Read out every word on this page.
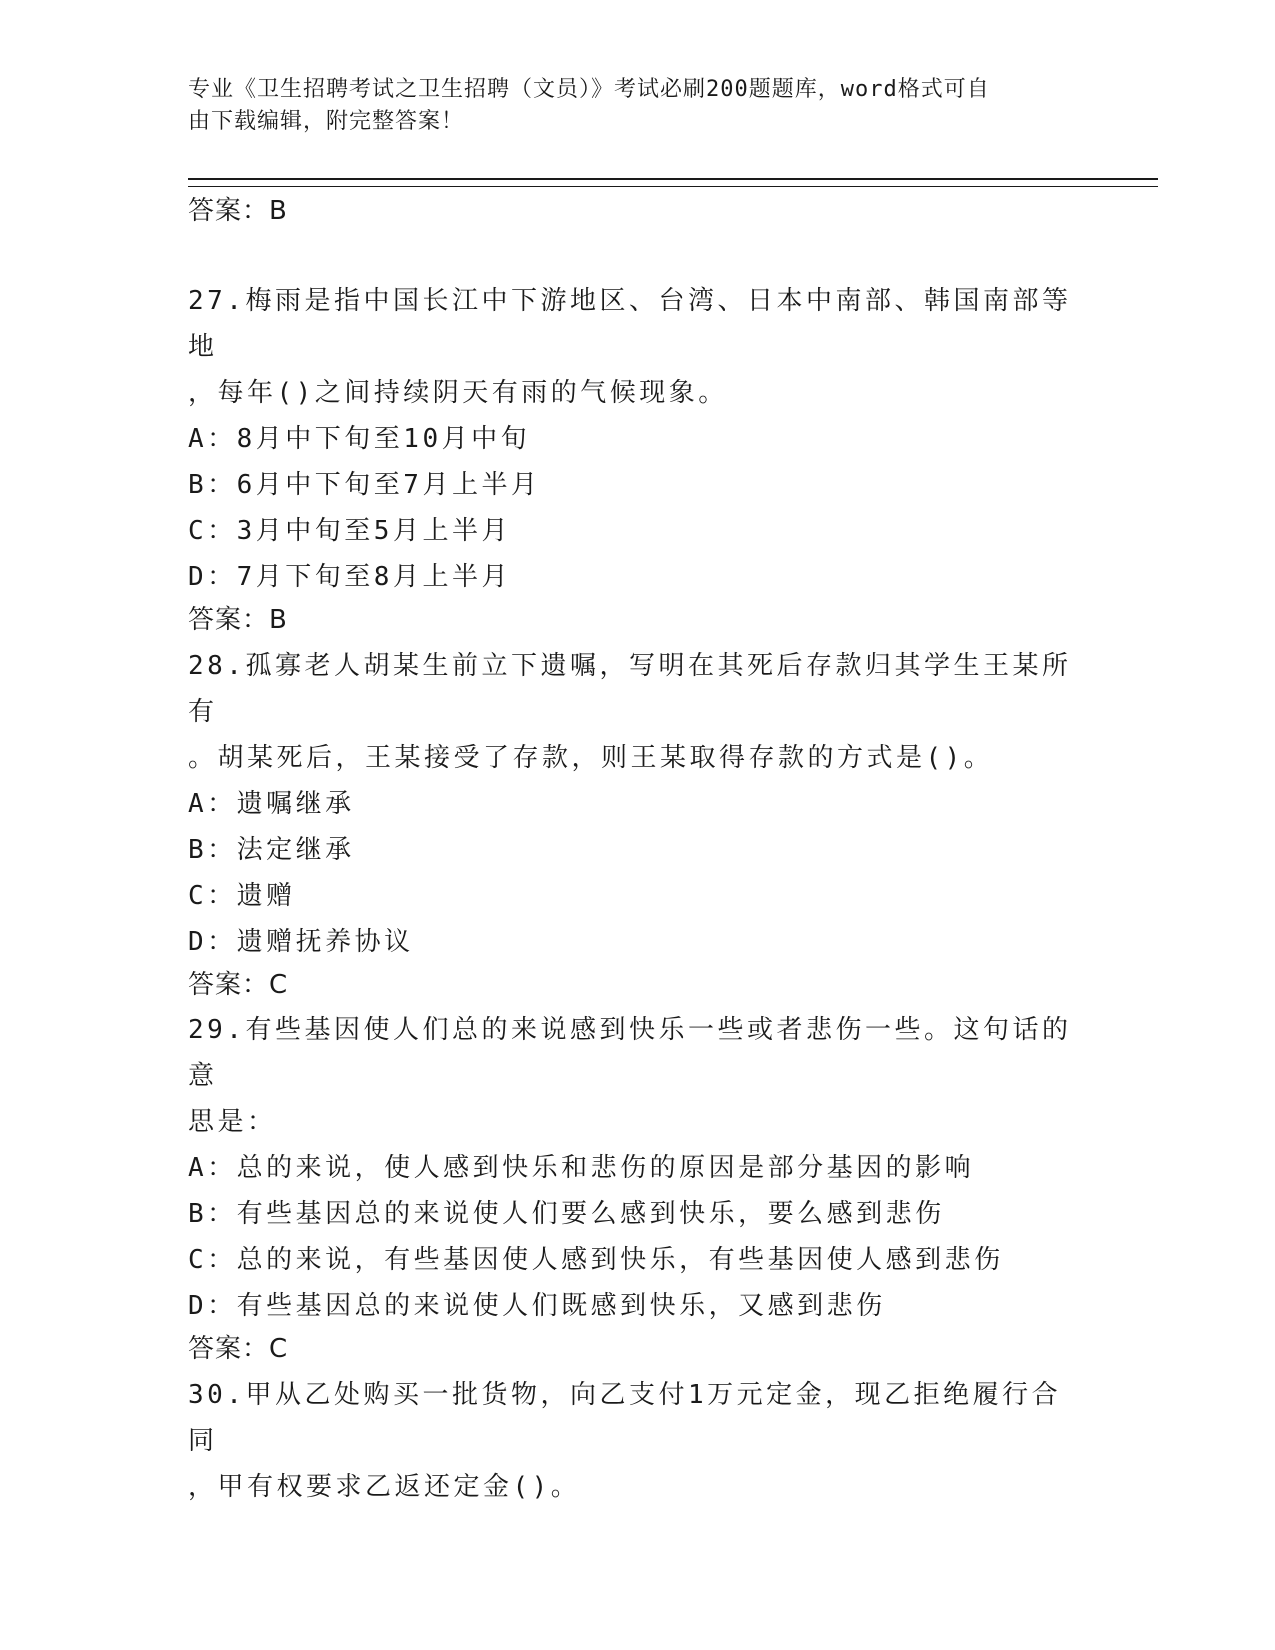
专业《卫生招聘考试之卫生招聘（文员）》考试必刷200题题库，word格式可自
由下载编辑，附完整答案！
答案：B

27.梅雨是指中国长江中下游地区、台湾、日本中南部、韩国南部等地

，每年()之间持续阴天有雨的气候现象。

A：8月中下旬至10月中旬

B：6月中下旬至7月上半月

C：3月中旬至5月上半月

D：7月下旬至8月上半月

答案：B

28.孤寡老人胡某生前立下遗嘱，写明在其死后存款归其学生王某所有

。胡某死后，王某接受了存款，则王某取得存款的方式是()。

A：遗嘱继承

B：法定继承

C：遗赠

D：遗赠抚养协议

答案：C

29.有些基因使人们总的来说感到快乐一些或者悲伤一些。这句话的意

思是：

A：总的来说，使人感到快乐和悲伤的原因是部分基因的影响

B：有些基因总的来说使人们要么感到快乐，要么感到悲伤

C：总的来说，有些基因使人感到快乐，有些基因使人感到悲伤

D：有些基因总的来说使人们既感到快乐，又感到悲伤

答案：C

30.甲从乙处购买一批货物，向乙支付1万元定金，现乙拒绝履行合同

，甲有权要求乙返还定金()。
